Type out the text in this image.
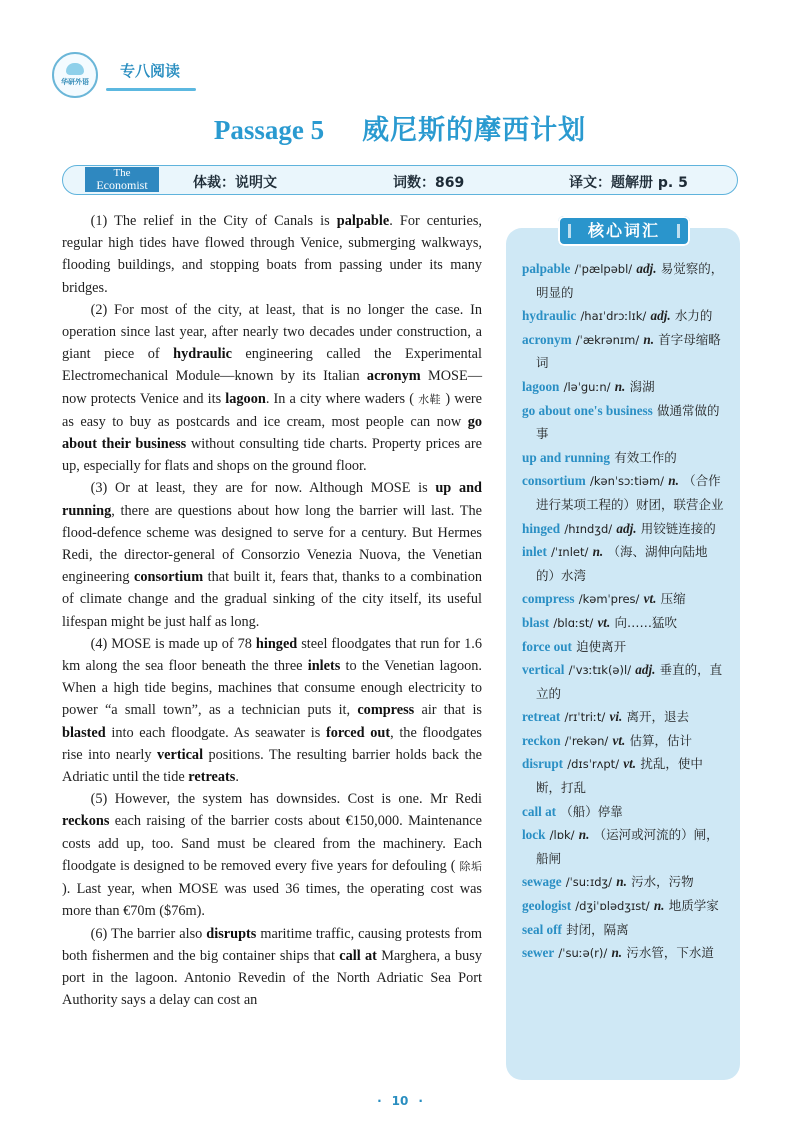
华研外语
专八阅读
Passage 5 威尼斯的摩西计划
The
Economist	体裁：说明文	词数：869	译文：题解册 p. 5

(1) The relief in the City of Canals is palpable. For centuries, regular high tides have flowed through Venice, submerging walkways, flooding buildings, and stopping boats from passing under its many bridges.

(2) For most of the city, at least, that is no longer the case. In operation since last year, after nearly two decades under construction, a giant piece of hydraulic engineering called the Experimental Electromechanical Module—known by its Italian acronym MOSE—now protects Venice and its lagoon. In a city where waders ( 水鞋 ) were as easy to buy as postcards and ice cream, most people can now go about their business without consulting tide charts. Property prices are up, especially for flats and shops on the ground floor.

(3) Or at least, they are for now. Although MOSE is up and running, there are questions about how long the barrier will last. The flood-defence scheme was designed to serve for a century. But Hermes Redi, the director-general of Consorzio Venezia Nuova, the Venetian engineering consortium that built it, fears that, thanks to a combination of climate change and the gradual sinking of the city itself, its useful lifespan might be just half as long.

(4) MOSE is made up of 78 hinged steel floodgates that run for 1.6 km along the sea floor beneath the three inlets to the Venetian lagoon. When a high tide begins, machines that consume enough electricity to power “a small town”, as a technician puts it, compress air that is blasted into each floodgate. As seawater is forced out, the floodgates rise into nearly vertical positions. The resulting barrier holds back the Adriatic until the tide retreats.

(5) However, the system has downsides. Cost is one. Mr Redi reckons each raising of the barrier costs about €150,000. Maintenance costs add up, too. Sand must be cleared from the machinery. Each floodgate is designed to be removed every five years for defouling ( 除垢 ). Last year, when MOSE was used 36 times, the operating cost was more than €70m ($76m).

(6) The barrier also disrupts maritime traffic, causing protests from both fishermen and the big container ships that call at Marghera, a busy port in the lagoon. Antonio Revedin of the North Adriatic Sea Port Authority says a delay can cost an

核心词汇
palpable /ˈpælpəbl/ adj. 易觉察的，明显的
hydraulic /haɪˈdrɔːlɪk/ adj. 水力的
acronym /ˈækrənɪm/ n. 首字母缩略词
lagoon /ləˈguːn/ n. 潟湖
go about one's business 做通常做的事
up and running 有效工作的
consortium /kənˈsɔːtiəm/ n. （合作进行某项工程的）财团，联营企业
hinged /hɪndʒd/ adj. 用铰链连接的
inlet /ˈɪnlet/ n. （海、湖伸向陆地的）水湾
compress /kəmˈpres/ vt. 压缩
blast /blɑːst/ vt. 向……猛吹
force out 迫使离开
vertical /ˈvɜːtɪk(ə)l/ adj. 垂直的，直立的
retreat /rɪˈtriːt/ vi. 离开，退去
reckon /ˈrekən/ vt. 估算，估计
disrupt /dɪsˈrʌpt/ vt. 扰乱，使中断，打乱
call at （船）停靠
lock /lɒk/ n. （运河或河流的）闸，船闸
sewage /ˈsuːɪdʒ/ n. 污水，污物
geologist /dʒiˈɒlədʒɪst/ n. 地质学家
seal off 封闭，隔离
sewer /ˈsuːə(r)/ n. 污水管，下水道
· 10 ·
